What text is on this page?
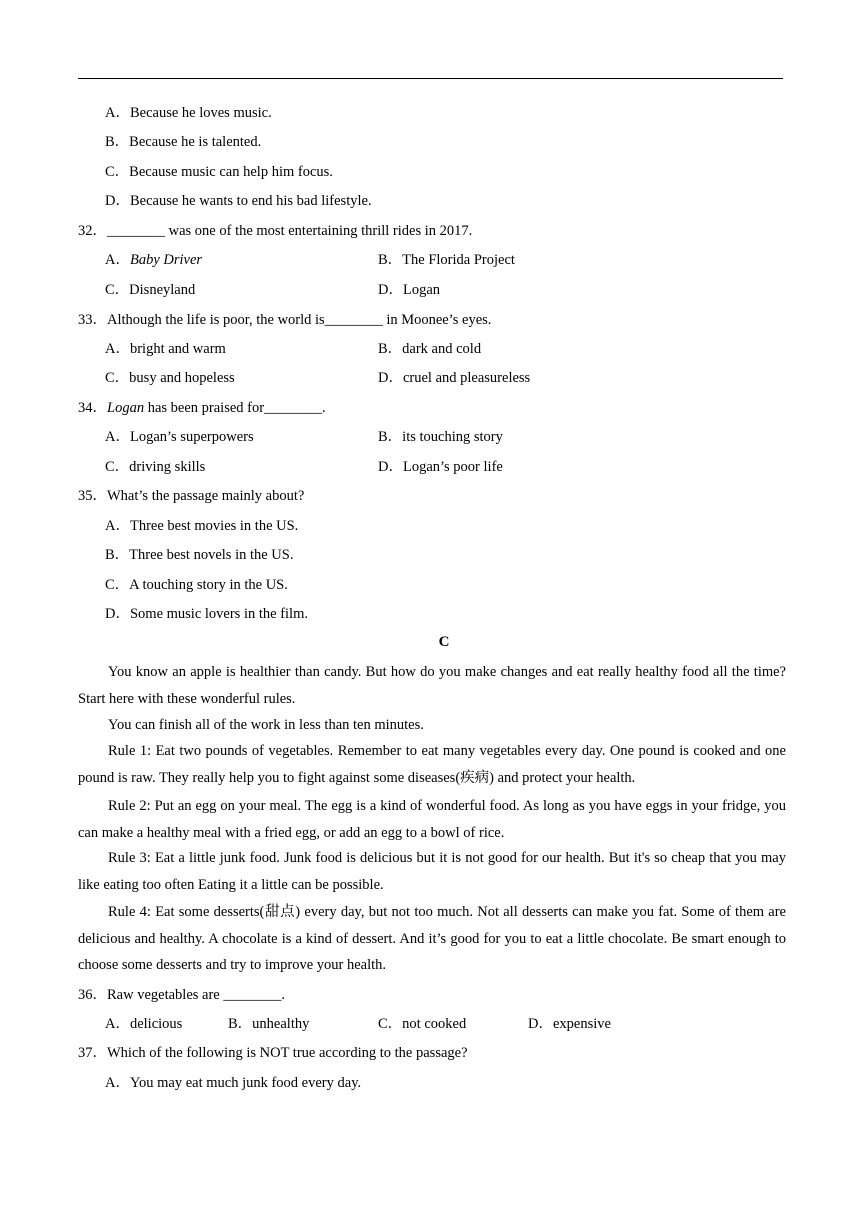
A．Because he loves music.
B．Because he is talented.
C．Because music can help him focus.
D．Because he wants to end his bad lifestyle.
32．________ was one of the most entertaining thrill rides in 2017.
A．Baby Driver	B．The Florida Project
C．Disneyland	D．Logan
33．Although the life is poor, the world is________ in Moonee’s eyes.
A．bright and warm	B．dark and cold
C．busy and hopeless	D．cruel and pleasureless
34．Logan has been praised for________.
A．Logan’s superpowers	B．its touching story
C．driving skills	D．Logan’s poor life
35．What’s the passage mainly about?
A．Three best movies in the US.
B．Three best novels in the US.
C．A touching story in the US.
D．Some music lovers in the film.
C
You know an apple is healthier than candy. But how do you make changes and eat really healthy food all the time? Start here with these wonderful rules.
You can finish all of the work in less than ten minutes.
Rule 1: Eat two pounds of vegetables. Remember to eat many vegetables every day. One pound is cooked and one pound is raw. They really help you to fight against some diseases(疾病) and protect your health.
Rule 2: Put an egg on your meal. The egg is a kind of wonderful food. As long as you have eggs in your fridge, you can make a healthy meal with a fried egg, or add an egg to a bowl of rice.
Rule 3: Eat a little junk food. Junk food is delicious but it is not good for our health. But it's so cheap that you may like eating too often Eating it a little can be possible.
Rule 4: Eat some desserts(甜点) every day, but not too much. Not all desserts can make you fat. Some of them are delicious and healthy. A chocolate is a kind of dessert. And it’s good for you to eat a little chocolate. Be smart enough to choose some desserts and try to improve your health.
36．Raw vegetables are ________.
A．delicious	B．unhealthy	C．not cooked	D．expensive
37．Which of the following is NOT true according to the passage?
A．You may eat much junk food every day.
